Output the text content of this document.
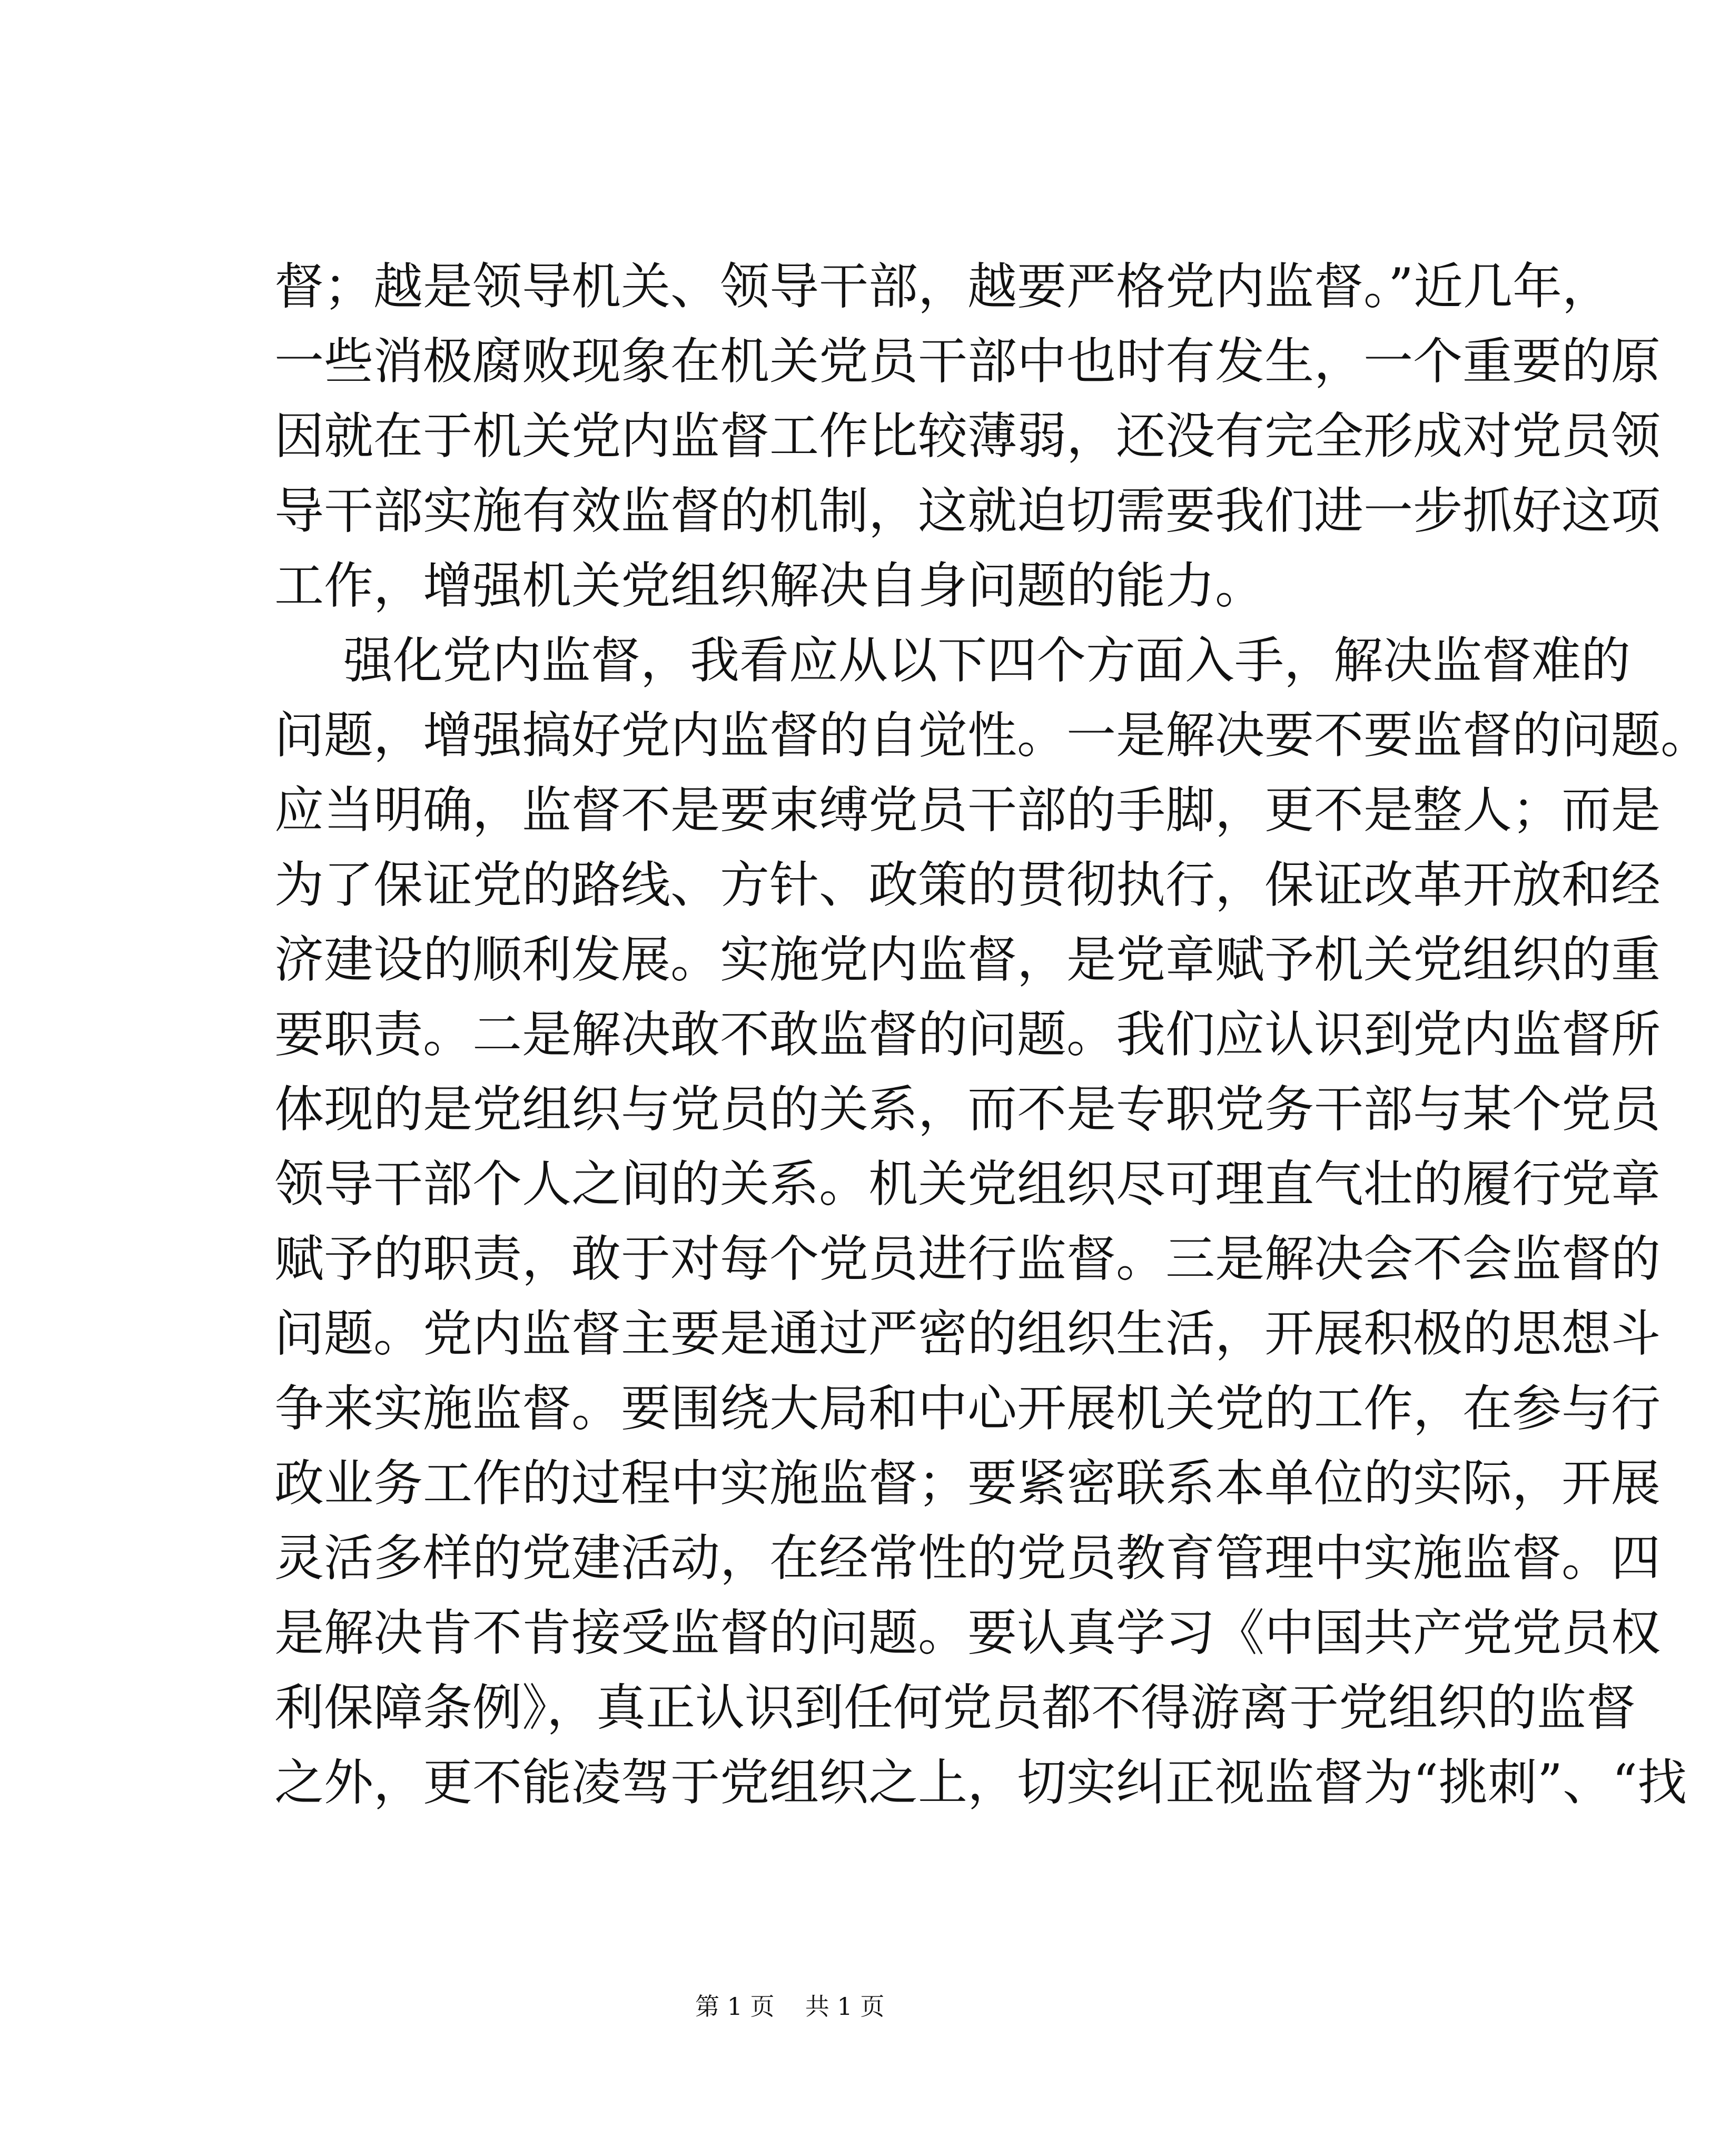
督；越是领导机关、领导干部，越要严格党内监督。”近几年，
一些消极腐败现象在机关党员干部中也时有发生，一个重要的原
因就在于机关党内监督工作比较薄弱，还没有完全形成对党员领
导干部实施有效监督的机制，这就迫切需要我们进一步抓好这项
工作，增强机关党组织解决自身问题的能力。
强化党内监督，我看应从以下四个方面入手，解决监督难的
问题，增强搞好党内监督的自觉性。一是解决要不要监督的问题。
应当明确，监督不是要束缚党员干部的手脚，更不是整人；而是
为了保证党的路线、方针、政策的贯彻执行，保证改革开放和经
济建设的顺利发展。实施党内监督，是党章赋予机关党组织的重
要职责。二是解决敢不敢监督的问题。我们应认识到党内监督所
体现的是党组织与党员的关系，而不是专职党务干部与某个党员
领导干部个人之间的关系。机关党组织尽可理直气壮的履行党章
赋予的职责，敢于对每个党员进行监督。三是解决会不会监督的
问题。党内监督主要是通过严密的组织生活，开展积极的思想斗
争来实施监督。要围绕大局和中心开展机关党的工作，在参与行
政业务工作的过程中实施监督；要紧密联系本单位的实际，开展
灵活多样的党建活动，在经常性的党员教育管理中实施监督。四
是解决肯不肯接受监督的问题。要认真学习《中国共产党党员权
利保障条例》，真正认识到任何党员都不得游离于党组织的监督
之外，更不能凌驾于党组织之上，切实纠正视监督为“挑刺”、“找
第 1 页 共 1 页
